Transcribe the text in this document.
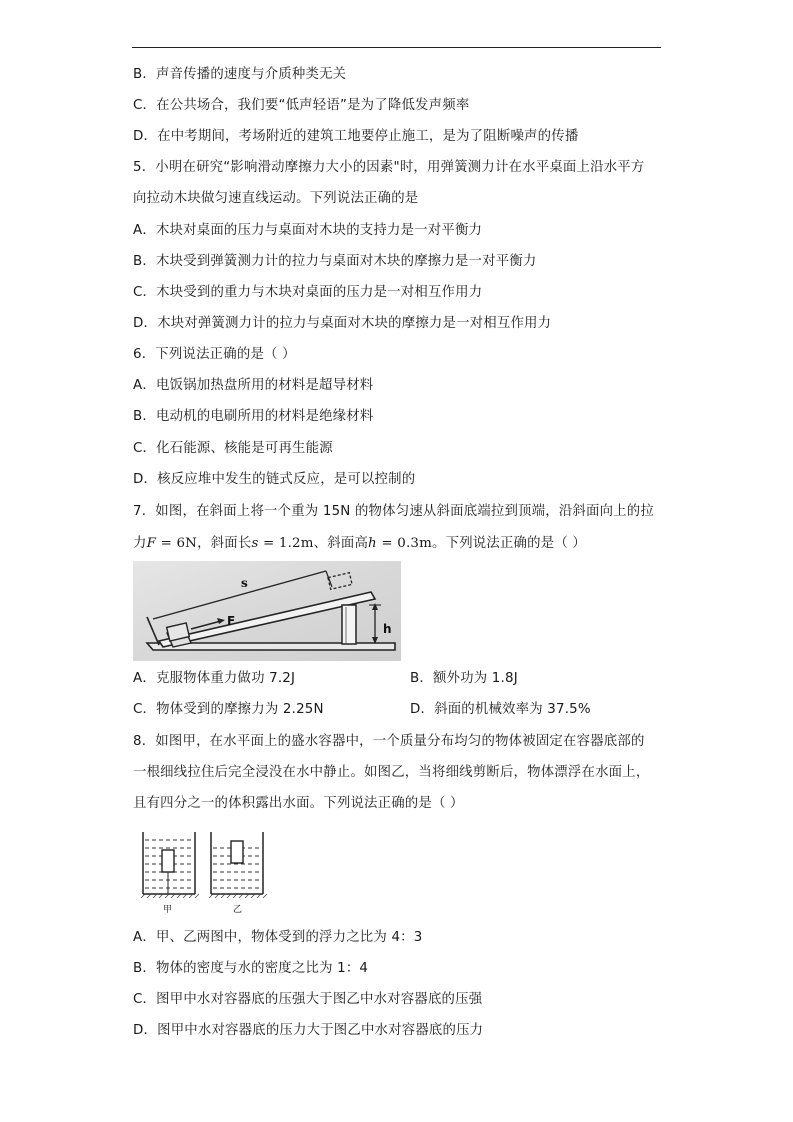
B．声音传播的速度与介质种类无关
C．在公共场合，我们要“低声轻语”是为了降低发声频率
D．在中考期间，考场附近的建筑工地要停止施工，是为了阻断噪声的传播
5．小明在研究“影响滑动摩擦力大小的因素"时，用弹簧测力计在水平桌面上沿水平方
向拉动木块做匀速直线运动。下列说法正确的是
A．木块对桌面的压力与桌面对木块的支持力是一对平衡力
B．木块受到弹簧测力计的拉力与桌面对木块的摩擦力是一对平衡力
C．木块受到的重力与木块对桌面的压力是一对相互作用力
D．木块对弹簧测力计的拉力与桌面对木块的摩擦力是一对相互作用力
6．下列说法正确的是（ ）
A．电饭锅加热盘所用的材料是超导材料
B．电动机的电刷所用的材料是绝缘材料
C．化石能源、核能是可再生能源
D．核反应堆中发生的链式反应，是可以控制的
7．如图，在斜面上将一个重为 15N 的物体匀速从斜面底端拉到顶端，沿斜面向上的拉
力F = 6N，斜面长s = 1.2m、斜面高h = 0.3m。下列说法正确的是（ ）
s
F
h
A．克服物体重力做功 7.2J	B．额外功为 1.8J
C．物体受到的摩擦力为 2.25N	D．斜面的机械效率为 37.5%
8．如图甲，在水平面上的盛水容器中，一个质量分布均匀的物体被固定在容器底部的
一根细线拉住后完全浸没在水中静止。如图乙，当将细线剪断后，物体漂浮在水面上，
且有四分之一的体积露出水面。下列说法正确的是（ ）
甲	乙
A．甲、乙两图中，物体受到的浮力之比为 4：3
B．物体的密度与水的密度之比为 1：4
C．图甲中水对容器底的压强大于图乙中水对容器底的压强
D．图甲中水对容器底的压力大于图乙中水对容器底的压力
